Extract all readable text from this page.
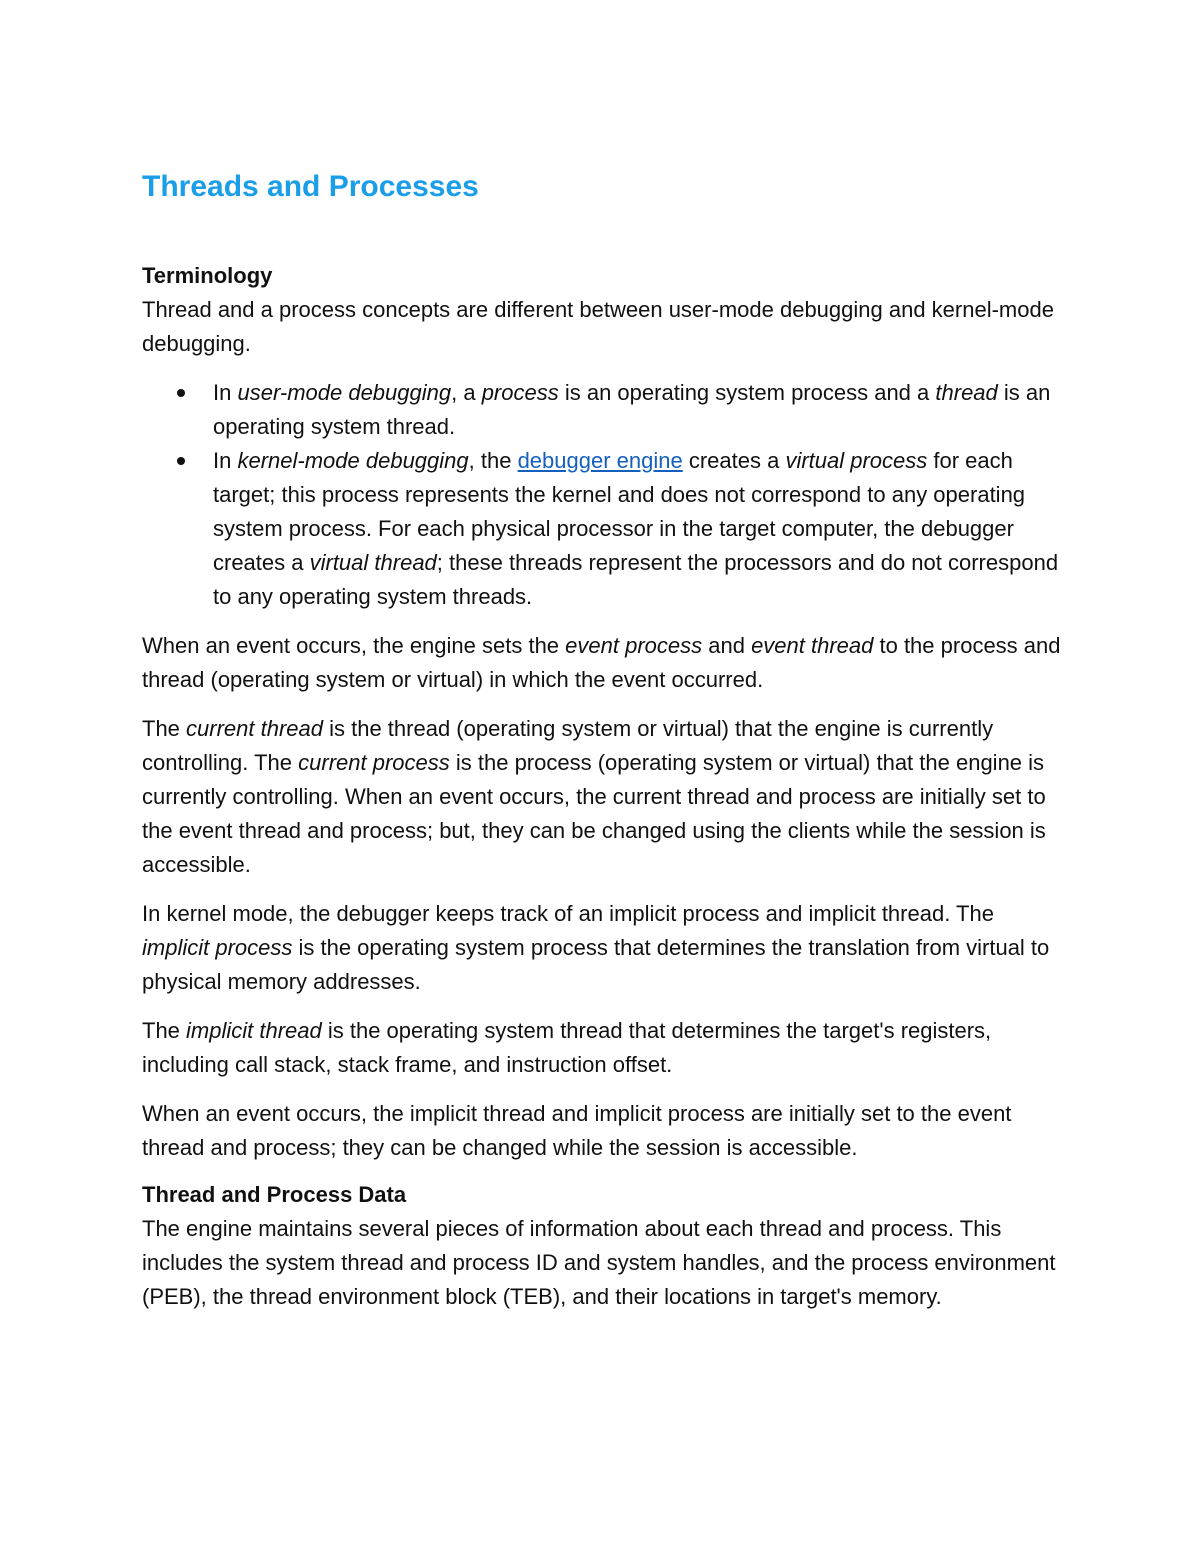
Threads and Processes
Terminology

Thread and a process concepts are different between user-mode debugging and kernel-mode debugging.

In user-mode debugging, a process is an operating system process and a thread is an operating system thread.
In kernel-mode debugging, the debugger engine creates a virtual process for each target; this process represents the kernel and does not correspond to any operating system process. For each physical processor in the target computer, the debugger creates a virtual thread; these threads represent the processors and do not correspond to any operating system threads.

When an event occurs, the engine sets the event process and event thread to the process and thread (operating system or virtual) in which the event occurred.

The current thread is the thread (operating system or virtual) that the engine is currently controlling. The current process is the process (operating system or virtual) that the engine is currently controlling. When an event occurs, the current thread and process are initially set to the event thread and process; but, they can be changed using the clients while the session is accessible.

In kernel mode, the debugger keeps track of an implicit process and implicit thread. The implicit process is the operating system process that determines the translation from virtual to physical memory addresses.

The implicit thread is the operating system thread that determines the target's registers, including call stack, stack frame, and instruction offset.

When an event occurs, the implicit thread and implicit process are initially set to the event thread and process; they can be changed while the session is accessible.

Thread and Process Data

The engine maintains several pieces of information about each thread and process. This includes the system thread and process ID and system handles, and the process environment (PEB), the thread environment block (TEB), and their locations in target's memory.
